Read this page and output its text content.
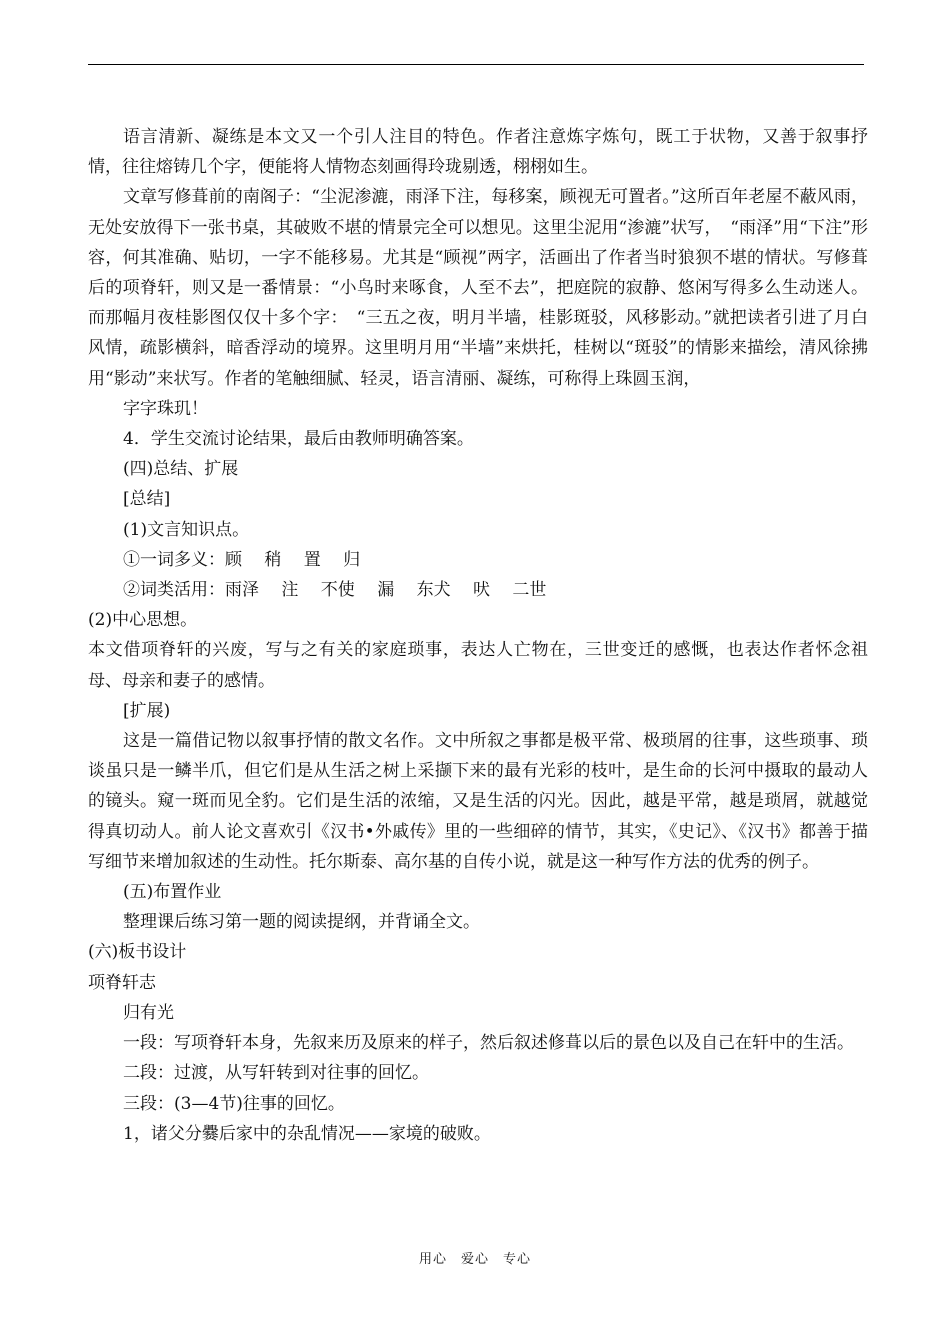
语言清新、凝练是本文又一个引人注目的特色。作者注意炼字炼句，既工于状物，又善于叙事抒情，往往熔铸几个字，便能将人情物态刻画得玲珑剔透，栩栩如生。

文章写修葺前的南阁子：“尘泥渗漉，雨泽下注，每移案，顾视无可置者。”这所百年老屋不蔽风雨，无处安放得下一张书桌，其破败不堪的情景完全可以想见。这里尘泥用“渗漉”状写，　“雨泽”用“下注”形容，何其准确、贴切，一字不能移易。尤其是“顾视”两字，活画出了作者当时狼狈不堪的情状。写修葺后的项脊轩，则又是一番情景：“小鸟时来啄食，人至不去”，把庭院的寂静、悠闲写得多么生动迷人。而那幅月夜桂影图仅仅十多个字：　“三五之夜，明月半墙，桂影斑驳，风移影动。”就把读者引进了月白风情，疏影横斜，暗香浮动的境界。这里明月用“半墙”来烘托，桂树以“斑驳”的情影来描绘，清风徐拂用“影动”来状写。作者的笔触细腻、轻灵，语言清丽、凝练，可称得上珠圆玉润，

字字珠玑！

4．学生交流讨论结果，最后由教师明确答案。

(四)总结、扩展

[总结]

(1)文言知识点。

①一词多义：顾　 稍　 置　 归

②词类活用：雨泽　 注　 不使　 漏　 东犬　 吠　 二世

(2)中心思想。

本文借项脊轩的兴废，写与之有关的家庭琐事，表达人亡物在，三世变迁的感慨，也表达作者怀念祖母、母亲和妻子的感情。

[扩展)

这是一篇借记物以叙事抒情的散文名作。文中所叙之事都是极平常、极琐屑的往事，这些琐事、琐谈虽只是一鳞半爪，但它们是从生活之树上采撷下来的最有光彩的枝叶，是生命的长河中摄取的最动人的镜头。窥一斑而见全豹。它们是生活的浓缩，又是生活的闪光。因此，越是平常，越是琐屑，就越觉得真切动人。前人论文喜欢引《汉书•外戚传》里的一些细碎的情节，其实，《史记》、《汉书》都善于描写细节来增加叙述的生动性。托尔斯泰、高尔基的自传小说，就是这一种写作方法的优秀的例子。

(五)布置作业

整理课后练习第一题的阅读提纲，并背诵全文。

(六)板书设计

项脊轩志

归有光

一段：写项脊轩本身，先叙来历及原来的样子，然后叙述修葺以后的景色以及自己在轩中的生活。

二段：过渡，从写轩转到对往事的回忆。

三段：(3—4节)往事的回忆。

1，诸父分爨后家中的杂乱情况——家境的破败。

用心　爱心　专心
